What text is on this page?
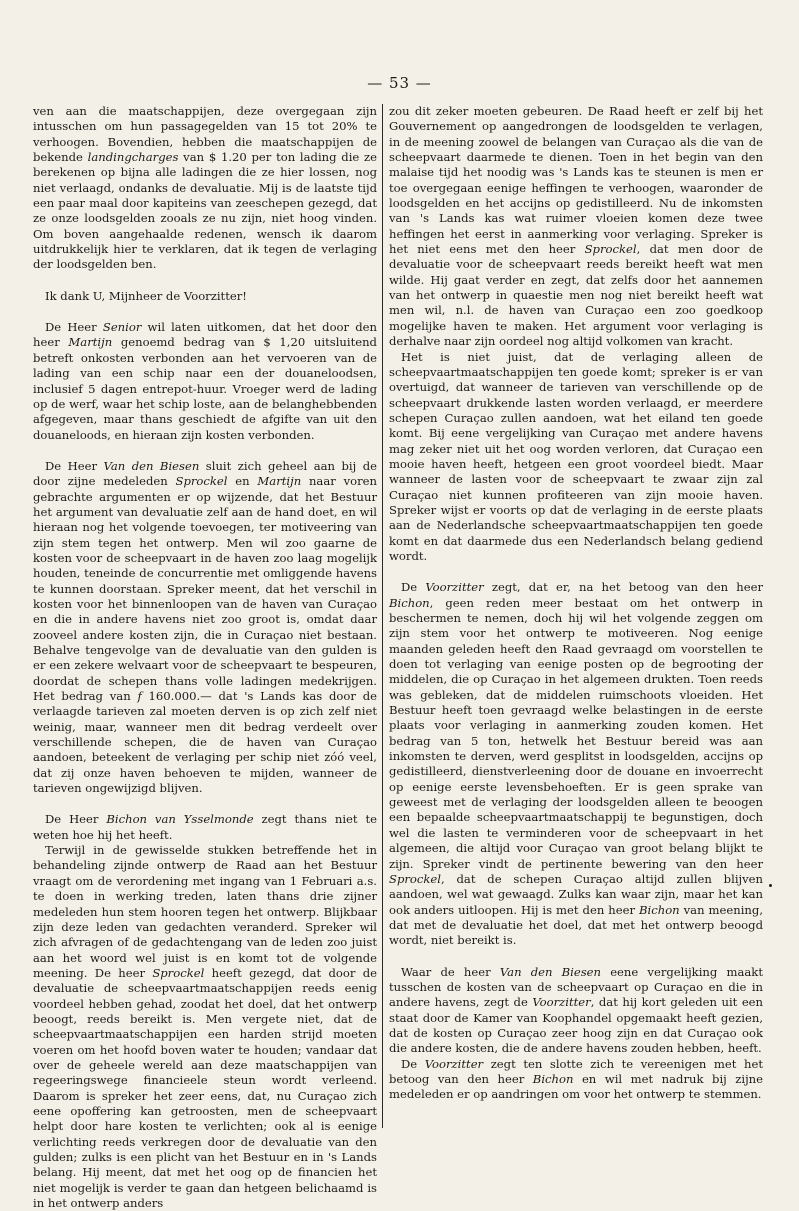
— 53 —

ven aan die maatschappijen, deze overgegaan zijn intusschen om hun passagegelden van 15 tot 20% te verhoogen. Bovendien, hebben die maatschappijen de bekende landingcharges van $ 1.20 per ton lading die ze berekenen op bijna alle ladingen die ze hier lossen, nog niet verlaagd, ondanks de devaluatie. Mij is de laatste tijd een paar maal door kapiteins van zeeschepen gezegd, dat ze onze loodsgelden zooals ze nu zijn, niet hoog vinden. Om boven aangehaalde redenen, wensch ik daarom uitdrukkelijk hier te verklaren, dat ik tegen de verlaging der loodsgelden ben.

Ik dank U, Mijnheer de Voorzitter!

De Heer Senior wil laten uitkomen, dat het door den heer Martijn genoemd bedrag van $ 1,20 uitsluitend betreft onkosten verbonden aan het vervoeren van de lading van een schip naar een der douaneloodsen, inclusief 5 dagen entrepot-huur. Vroeger werd de lading op de werf, waar het schip loste, aan de belanghebbenden afgegeven, maar thans geschiedt de afgifte van uit den douaneloods, en hieraan zijn kosten verbonden.

De Heer Van den Biesen sluit zich geheel aan bij de door zijne medeleden Sprockel en Martijn naar voren gebrachte argumenten er op wijzende, dat het Bestuur het argument van devaluatie zelf aan de hand doet, en wil hieraan nog het volgende toevoegen, ter motiveering van zijn stem tegen het ontwerp. Men wil zoo gaarne de kosten voor de scheepvaart in de haven zoo laag mogelijk houden, teneinde de concurrentie met omliggende havens te kunnen doorstaan. Spreker meent, dat het verschil in kosten voor het binnenloopen van de haven van Curaçao en die in andere havens niet zoo groot is, omdat daar zooveel andere kosten zijn, die in Curaçao niet bestaan. Behalve tengevolge van de devaluatie van den gulden is er een zekere welvaart voor de scheepvaart te bespeuren, doordat de schepen thans volle ladingen medekrijgen. Het bedrag van f 160.000.— dat 's Lands kas door de verlaagde tarieven zal moeten derven is op zich zelf niet weinig, maar, wanneer men dit bedrag verdeelt over verschillende schepen, die de haven van Curaçao aandoen, beteekent de verlaging per schip niet zóó veel, dat zij onze haven behoeven te mijden, wanneer de tarieven ongewijzigd blijven.

De Heer Bichon van Ysselmonde zegt thans niet te weten hoe hij het heeft.

Terwijl in de gewisselde stukken betreffende het in behandeling zijnde ontwerp de Raad aan het Bestuur vraagt om de verordening met ingang van 1 Februari a.s. te doen in werking treden, laten thans drie zijner medeleden hun stem hooren tegen het ontwerp. Blijkbaar zijn deze leden van gedachten veranderd. Spreker wil zich afvragen of de gedachtengang van de leden zoo juist aan het woord wel juist is en komt tot de volgende meening. De heer Sprockel heeft gezegd, dat door de devaluatie de scheepvaartmaatschappijen reeds eenig voordeel hebben gehad, zoodat het doel, dat het ontwerp beoogt, reeds bereikt is. Men vergete niet, dat de scheepvaartmaatschappijen een harden strijd moeten voeren om het hoofd boven water te houden; vandaar dat over de geheele wereld aan deze maatschappijen van regeeringswege financieele steun wordt verleend. Daarom is spreker het zeer eens, dat, nu Curaçao zich eene opoffering kan getroosten, men de scheepvaart helpt door hare kosten te verlichten; ook al is eenige verlichting reeds verkregen door de devaluatie van den gulden; zulks is een plicht van het Bestuur en in 's Lands belang. Hij meent, dat met het oog op de financien het niet mogelijk is verder te gaan dan hetgeen belichaamd is in het ontwerp anders

zou dit zeker moeten gebeuren. De Raad heeft er zelf bij het Gouvernement op aangedrongen de loodsgelden te verlagen, in de meening zoowel de belangen van Curaçao als die van de scheepvaart daarmede te dienen. Toen in het begin van den malaise tijd het noodig was 's Lands kas te steunen is men er toe overgegaan eenige heffingen te verhoogen, waaronder de loodsgelden en het accijns op gedistilleerd. Nu de inkomsten van 's Lands kas wat ruimer vloeien komen deze twee heffingen het eerst in aanmerking voor verlaging. Spreker is het niet eens met den heer Sprockel, dat men door de devaluatie voor de scheepvaart reeds bereikt heeft wat men wilde. Hij gaat verder en zegt, dat zelfs door het aannemen van het ontwerp in quaestie men nog niet bereikt heeft wat men wil, n.l. de haven van Curaçao een zoo goedkoop mogelijke haven te maken. Het argument voor verlaging is derhalve naar zijn oordeel nog altijd volkomen van kracht.

Het is niet juist, dat de verlaging alleen de scheepvaartmaatschappijen ten goede komt; spreker is er van overtuigd, dat wanneer de tarieven van verschillende op de scheepvaart drukkende lasten worden verlaagd, er meerdere schepen Curaçao zullen aandoen, wat het eiland ten goede komt. Bij eene vergelijking van Curaçao met andere havens mag zeker niet uit het oog worden verloren, dat Curaçao een mooie haven heeft, hetgeen een groot voordeel biedt. Maar wanneer de lasten voor de scheepvaart te zwaar zijn zal Curaçao niet kunnen profiteeren van zijn mooie haven. Spreker wijst er voorts op dat de verlaging in de eerste plaats aan de Nederlandsche scheepvaartmaatschappijen ten goede komt en dat daarmede dus een Nederlandsch belang gediend wordt.

De Voorzitter zegt, dat er, na het betoog van den heer Bichon, geen reden meer bestaat om het ontwerp in beschermen te nemen, doch hij wil het volgende zeggen om zijn stem voor het ontwerp te motiveeren. Nog eenige maanden geleden heeft den Raad gevraagd om voorstellen te doen tot verlaging van eenige posten op de begrooting der middelen, die op Curaçao in het algemeen drukten. Toen reeds was gebleken, dat de middelen ruimschoots vloeiden. Het Bestuur heeft toen gevraagd welke belastingen in de eerste plaats voor verlaging in aanmerking zouden komen. Het bedrag van 5 ton, hetwelk het Bestuur bereid was aan inkomsten te derven, werd gesplitst in loodsgelden, accijns op gedistilleerd, dienstverleening door de douane en invoerrecht op eenige eerste levensbehoeften. Er is geen sprake van geweest met de verlaging der loodsgelden alleen te beoogen een bepaalde scheepvaartmaatschappij te begunstigen, doch wel die lasten te verminderen voor de scheepvaart in het algemeen, die altijd voor Curaçao van groot belang blijkt te zijn. Spreker vindt de pertinente bewering van den heer Sprockel, dat de schepen Curaçao altijd zullen blijven aandoen, wel wat gewaagd. Zulks kan waar zijn, maar het kan ook anders uitloopen. Hij is met den heer Bichon van meening, dat met de devaluatie het doel, dat met het ontwerp beoogd wordt, niet bereikt is.

Waar de heer Van den Biesen eene vergelijking maakt tusschen de kosten van de scheepvaart op Curaçao en die in andere havens, zegt de Voorzitter, dat hij kort geleden uit een staat door de Kamer van Koophandel opgemaakt heeft gezien, dat de kosten op Curaçao zeer hoog zijn en dat Curaçao ook die andere kosten, die de andere havens zouden hebben, heeft.

De Voorzitter zegt ten slotte zich te vereenigen met het betoog van den heer Bichon en wil met nadruk bij zijne medeleden er op aandringen om voor het ontwerp te stemmen.
